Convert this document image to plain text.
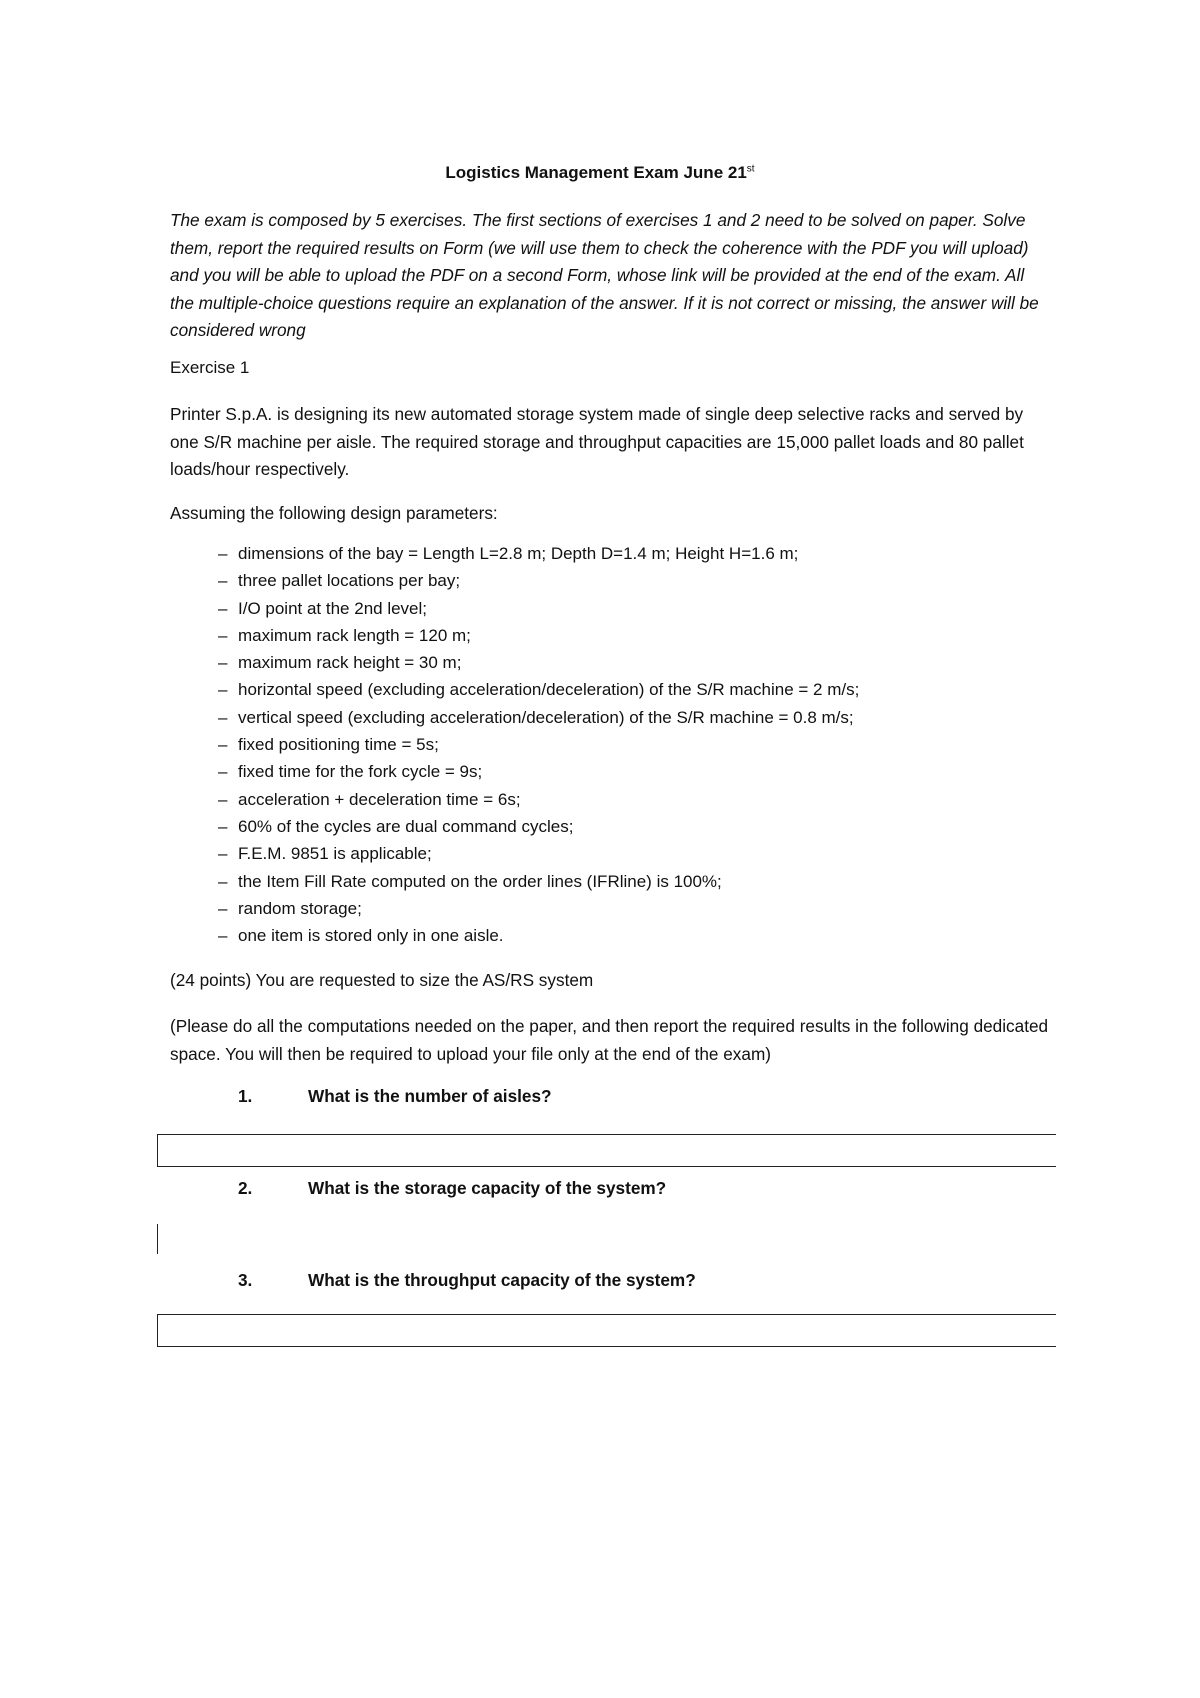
Logistics Management Exam June 21st

The exam is composed by 5 exercises. The first sections of exercises 1 and 2 need to be solved on paper. Solve them, report the required results on Form (we will use them to check the coherence with the PDF you will upload) and you will be able to upload the PDF on a second Form, whose link will be provided at the end of the exam. All the multiple-choice questions require an explanation of the answer. If it is not correct or missing, the answer will be considered wrong

Exercise 1

Printer S.p.A. is designing its new automated storage system made of single deep selective racks and served by one S/R machine per aisle. The required storage and throughput capacities are 15,000 pallet loads and 80 pallet loads/hour respectively.

Assuming the following design parameters:

– dimensions of the bay = Length L=2.8 m; Depth D=1.4 m; Height H=1.6 m;
– three pallet locations per bay;
– I/O point at the 2nd level;
– maximum rack length = 120 m;
– maximum rack height = 30 m;
– horizontal speed (excluding acceleration/deceleration) of the S/R machine = 2 m/s;
– vertical speed (excluding acceleration/deceleration) of the S/R machine = 0.8 m/s;
– fixed positioning time = 5s;
– fixed time for the fork cycle = 9s;
– acceleration + deceleration time = 6s;
– 60% of the cycles are dual command cycles;
– F.E.M. 9851 is applicable;
– the Item Fill Rate computed on the order lines (IFRline) is 100%;
– random storage;
– one item is stored only in one aisle.

(24 points) You are requested to size the AS/RS system

(Please do all the computations needed on the paper, and then report the required results in the following dedicated space. You will then be required to upload your file only at the end of the exam)

1.	What is the number of aisles?

2.	What is the storage capacity of the system?

3.	What is the throughput capacity of the system?
